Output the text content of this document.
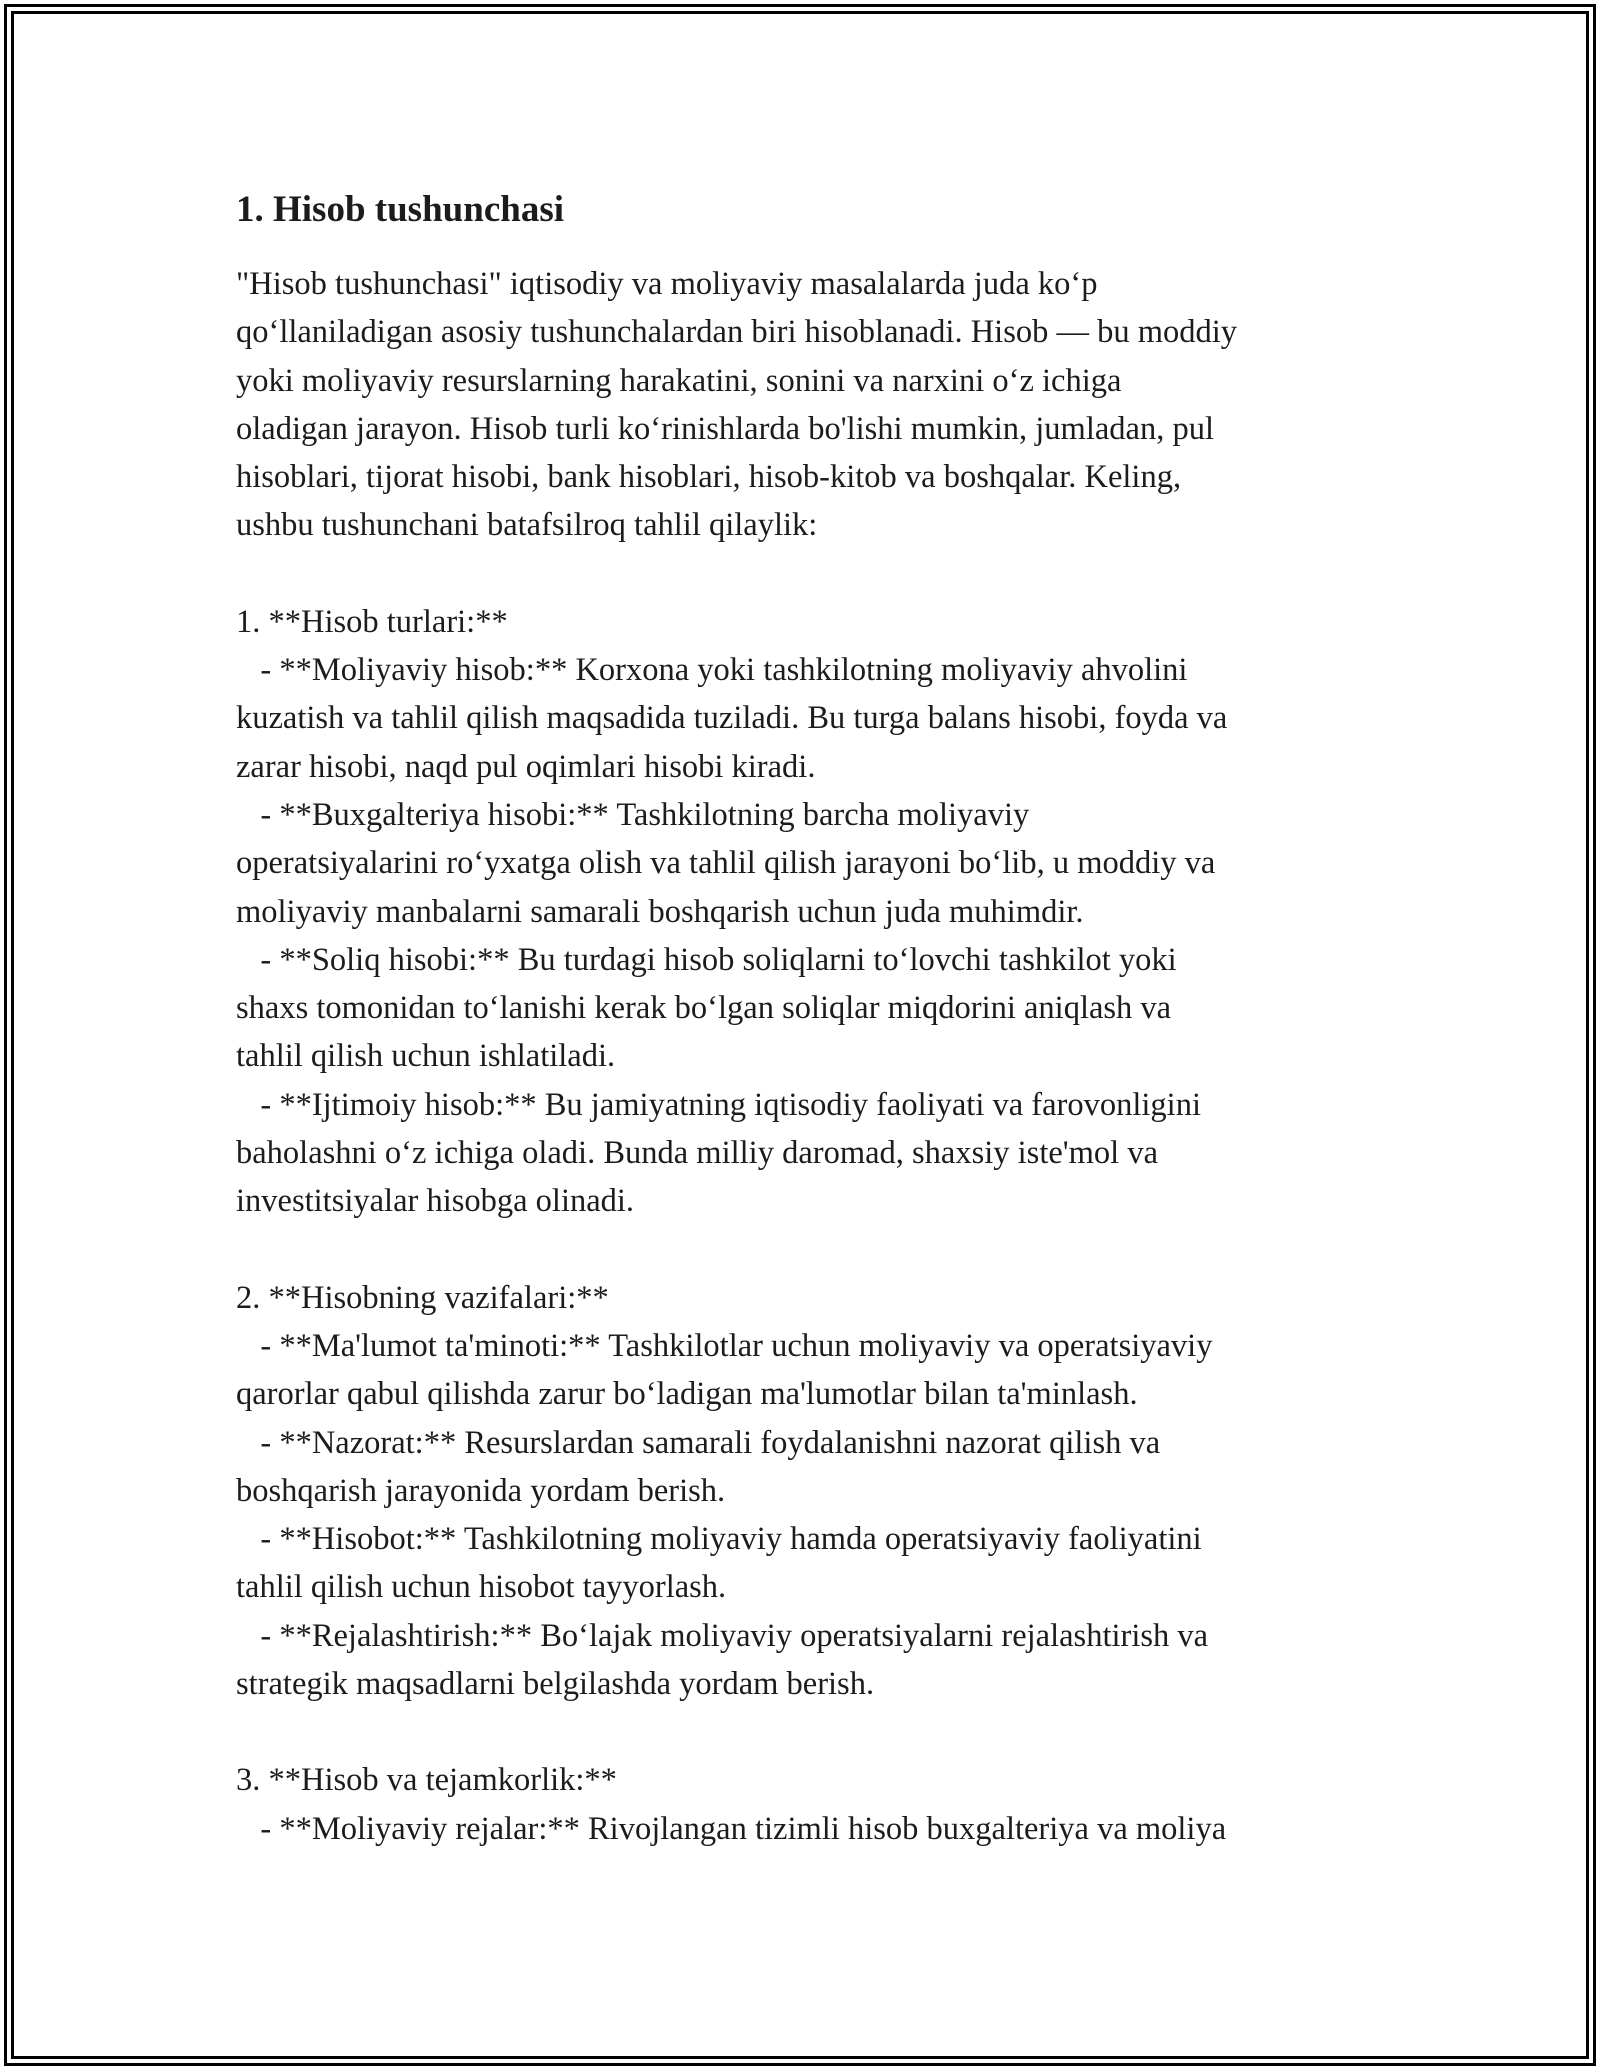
1. Hisob tushunchasi

"Hisob tushunchasi" iqtisodiy va moliyaviy masalalarda juda ko‘p
qo‘llaniladigan asosiy tushunchalardan biri hisoblanadi. Hisob — bu moddiy
yoki moliyaviy resurslarning harakatini, sonini va narxini o‘z ichiga
oladigan jarayon. Hisob turli ko‘rinishlarda bo'lishi mumkin, jumladan, pul
hisoblari, tijorat hisobi, bank hisoblari, hisob-kitob va boshqalar. Keling,
ushbu tushunchani batafsilroq tahlil qilaylik:

1. **Hisob turlari:**
- **Moliyaviy hisob:** Korxona yoki tashkilotning moliyaviy ahvolini
kuzatish va tahlil qilish maqsadida tuziladi. Bu turga balans hisobi, foyda va
zarar hisobi, naqd pul oqimlari hisobi kiradi.
- **Buxgalteriya hisobi:** Tashkilotning barcha moliyaviy
operatsiyalarini ro‘yxatga olish va tahlil qilish jarayoni bo‘lib, u moddiy va
moliyaviy manbalarni samarali boshqarish uchun juda muhimdir.
- **Soliq hisobi:** Bu turdagi hisob soliqlarni to‘lovchi tashkilot yoki
shaxs tomonidan to‘lanishi kerak bo‘lgan soliqlar miqdorini aniqlash va
tahlil qilish uchun ishlatiladi.
- **Ijtimoiy hisob:** Bu jamiyatning iqtisodiy faoliyati va farovonligini
baholashni o‘z ichiga oladi. Bunda milliy daromad, shaxsiy iste'mol va
investitsiyalar hisobga olinadi.

2. **Hisobning vazifalari:**
- **Ma'lumot ta'minoti:** Tashkilotlar uchun moliyaviy va operatsiyaviy
qarorlar qabul qilishda zarur bo‘ladigan ma'lumotlar bilan ta'minlash.
- **Nazorat:** Resurslardan samarali foydalanishni nazorat qilish va
boshqarish jarayonida yordam berish.
- **Hisobot:** Tashkilotning moliyaviy hamda operatsiyaviy faoliyatini
tahlil qilish uchun hisobot tayyorlash.
- **Rejalashtirish:** Bo‘lajak moliyaviy operatsiyalarni rejalashtirish va
strategik maqsadlarni belgilashda yordam berish.

3. **Hisob va tejamkorlik:**
- **Moliyaviy rejalar:** Rivojlangan tizimli hisob buxgalteriya va moliya
